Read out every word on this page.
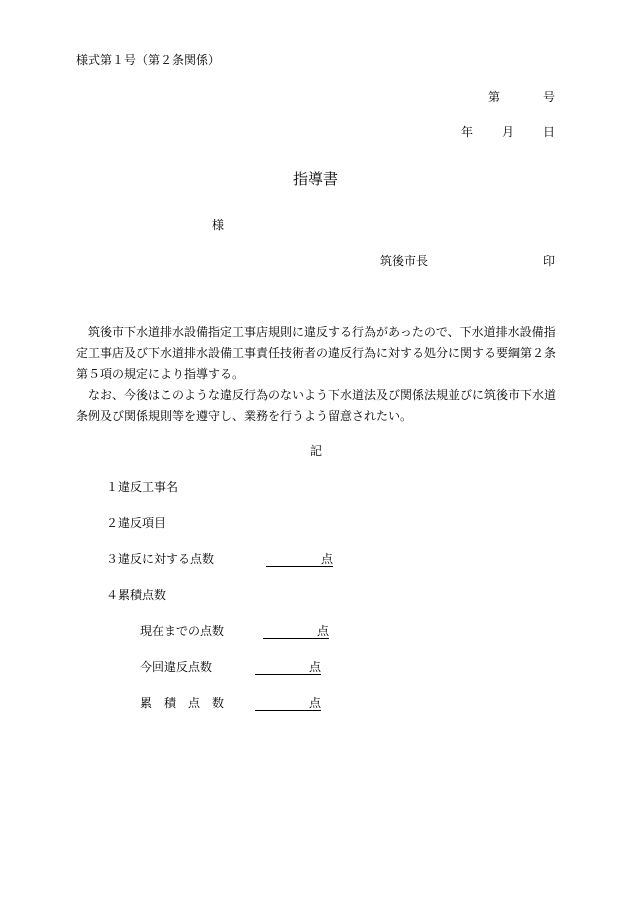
様式第１号（第２条関係）
第	号
年 月 日
指導書
様
筑後市長	印

筑後市下水道排水設備指定工事店規則に違反する行為があったので、下水道排水設備指定工事店及び下水道排水設備工事責任技術者の違反行為に対する処分に関する要綱第２条第５項の規定により指導する。

なお、今後はこのような違反行為のないよう下水道法及び関係法規並びに筑後市下水道条例及び関係規則等を遵守し、業務を行うよう留意されたい。

記
１違反工事名
２違反項目
３違反に対する点数	点
４累積点数
現在までの点数	点
今回違反点数	点
累　積　点　数	点
